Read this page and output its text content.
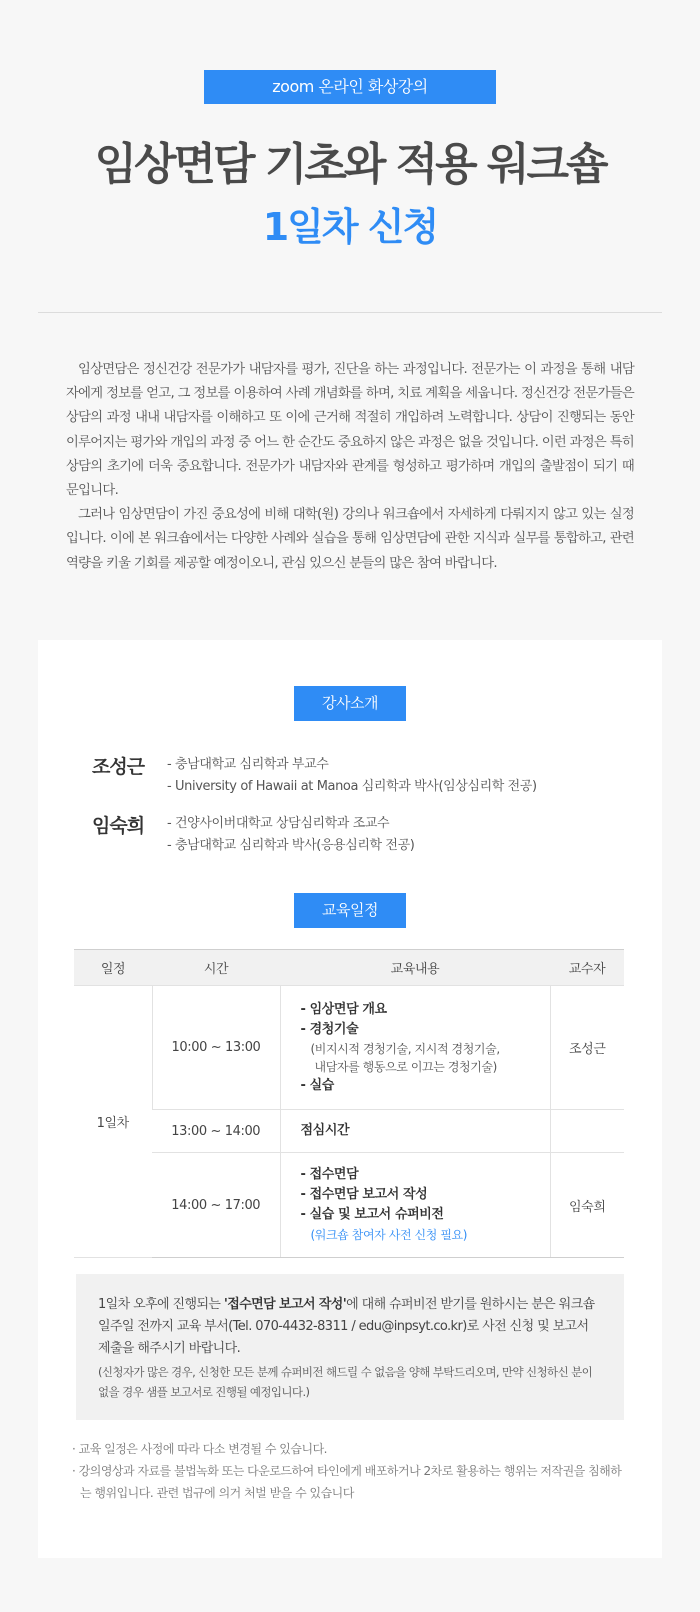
zoom 온라인 화상강의
임상면담 기초와 적용 워크숍
1일차 신청

임상면담은 정신건강 전문가가 내담자를 평가, 진단을 하는 과정입니다. 전문가는 이 과정을 통해 내담자에게 정보를 얻고, 그 정보를 이용하여 사례 개념화를 하며, 치료 계획을 세웁니다. 정신건강 전문가들은 상담의 과정 내내 내담자를 이해하고 또 이에 근거해 적절히 개입하려 노력합니다. 상담이 진행되는 동안 이루어지는 평가와 개입의 과정 중 어느 한 순간도 중요하지 않은 과정은 없을 것입니다. 이런 과정은 특히 상담의 초기에 더욱 중요합니다. 전문가가 내담자와 관계를 형성하고 평가하며 개입의 출발점이 되기 때문입니다.

그러나 임상면담이 가진 중요성에 비해 대학(원) 강의나 워크숍에서 자세하게 다뤄지지 않고 있는 실정입니다. 이에 본 워크숍에서는 다양한 사례와 실습을 통해 임상면담에 관한 지식과 실무를 통합하고, 관련 역량을 키울 기회를 제공할 예정이오니, 관심 있으신 분들의 많은 참여 바랍니다.

강사소개
조성근 - 충남대학교 심리학과 부교수
- University of Hawaii at Manoa 심리학과 박사(임상심리학 전공)
임숙희 - 건양사이버대학교 상담심리학과 조교수
- 충남대학교 심리학과 박사(응용심리학 전공)
교육일정
일정	시간	교육내용	교수자
1일차	10:00 ~ 13:00	- 임상면담 개요
- 경청기술
(비지시적 경청기술, 지시적 경청기술,
내담자를 행동으로 이끄는 경청기술)
- 실습	조성근
	13:00 ~ 14:00	점심시간	
	14:00 ~ 17:00	- 접수면담
- 접수면담 보고서 작성
- 실습 및 보고서 슈퍼비전
(워크숍 참여자 사전 신청 필요)	임숙희
1일차 오후에 진행되는 '접수면담 보고서 작성'에 대해 슈퍼비전 받기를 원하시는 분은 워크숍 일주일 전까지 교육 부서(Tel. 070-4432-8311 / edu@inpsyt.co.kr)로 사전 신청 및 보고서 제출을 해주시기 바랍니다.
(신청자가 많은 경우, 신청한 모든 분께 슈퍼비전 해드릴 수 없음을 양해 부탁드리오며, 만약 신청하신 분이 없을 경우 샘플 보고서로 진행될 예정입니다.)
· 교육 일정은 사정에 따라 다소 변경될 수 있습니다.
· 강의영상과 자료를 불법녹화 또는 다운로드하여 타인에게 배포하거나 2차로 활용하는 행위는 저작권을 침해하는 행위입니다. 관련 법규에 의거 처벌 받을 수 있습니다
